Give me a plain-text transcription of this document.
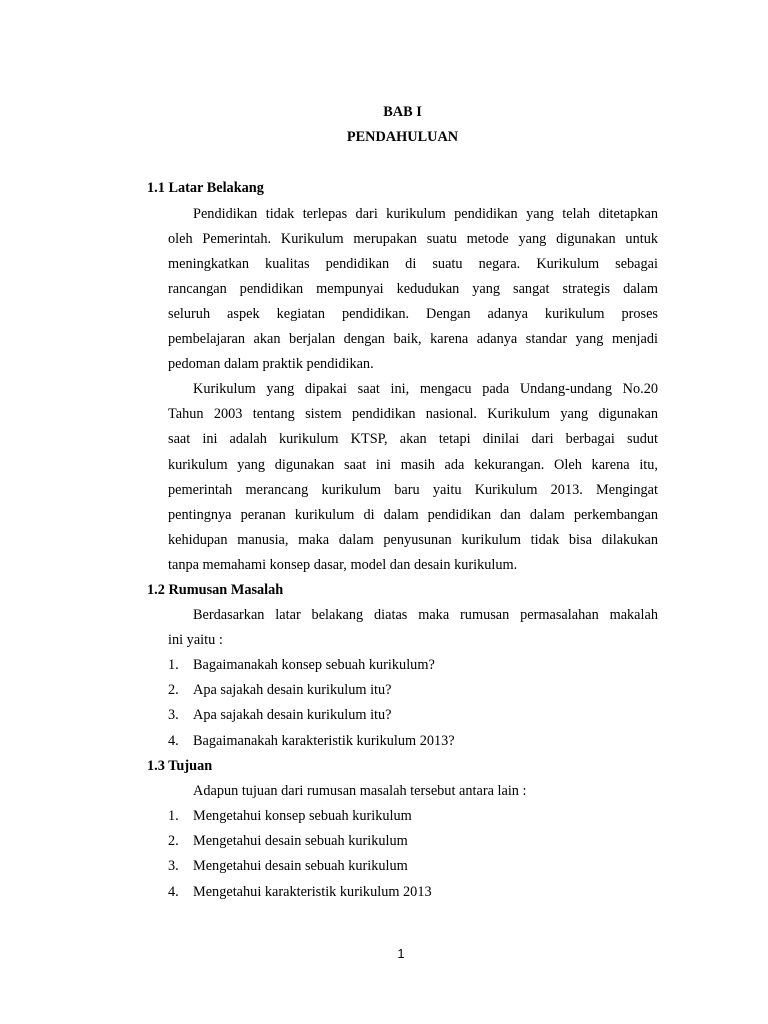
BAB I
PENDAHULUAN
1.1 Latar Belakang
Pendidikan tidak terlepas dari kurikulum pendidikan yang telah ditetapkan
oleh Pemerintah. Kurikulum merupakan suatu metode yang digunakan untuk
meningkatkan kualitas pendidikan di suatu negara. Kurikulum sebagai
rancangan pendidikan mempunyai kedudukan yang sangat strategis dalam
seluruh aspek kegiatan pendidikan. Dengan adanya kurikulum proses
pembelajaran akan berjalan dengan baik, karena adanya standar yang menjadi
pedoman dalam praktik pendidikan.
Kurikulum yang dipakai saat ini, mengacu pada Undang-undang No.20
Tahun 2003 tentang sistem pendidikan nasional. Kurikulum yang digunakan
saat ini adalah kurikulum KTSP, akan tetapi dinilai dari berbagai sudut
kurikulum yang digunakan saat ini masih ada kekurangan. Oleh karena itu,
pemerintah merancang kurikulum baru yaitu Kurikulum 2013. Mengingat
pentingnya peranan kurikulum di dalam pendidikan dan dalam perkembangan
kehidupan manusia, maka dalam penyusunan kurikulum tidak bisa dilakukan
tanpa memahami konsep dasar, model dan desain kurikulum.
1.2 Rumusan Masalah
Berdasarkan latar belakang diatas maka rumusan permasalahan makalah
ini yaitu :
1. Bagaimanakah konsep sebuah kurikulum?
2. Apa sajakah desain kurikulum itu?
3. Apa sajakah desain kurikulum itu?
4. Bagaimanakah karakteristik kurikulum 2013?
1.3 Tujuan
Adapun tujuan dari rumusan masalah tersebut antara lain :
1. Mengetahui konsep sebuah kurikulum
2. Mengetahui desain sebuah kurikulum
3. Mengetahui desain sebuah kurikulum
4. Mengetahui karakteristik kurikulum 2013
1
